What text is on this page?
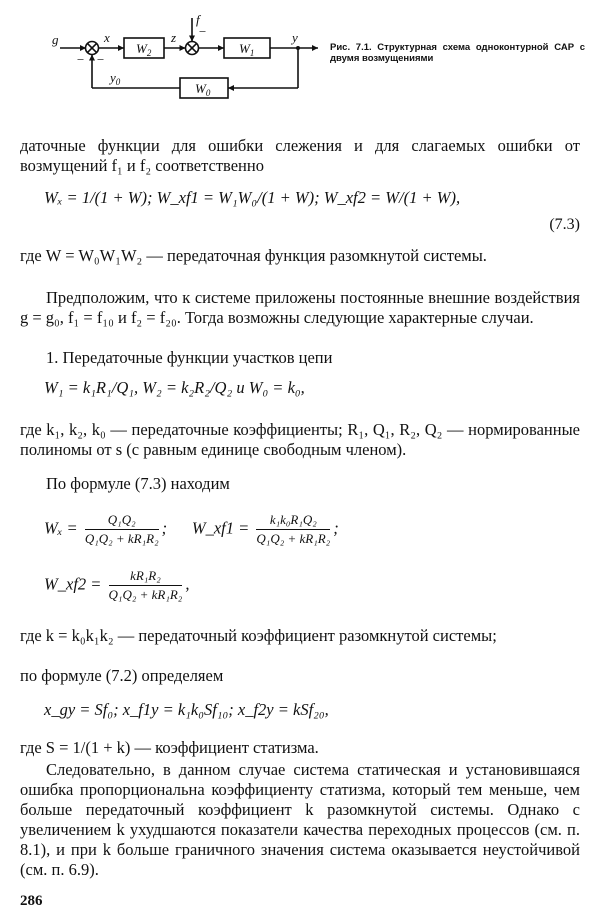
g	x	z
f
y
$y_0$
−
−
−
$W_2$	$W_1$
$W_0$
Рис. 7.1. Структурная схема одноконтурной САР с двумя возмущениями

даточные функции для ошибки слежения и для слагаемых ошибки от возмущений f₁ и f₂ соответственно

Wₓ = 1/(1 + W); W_xf1 = W₁W₀/(1 + W); W_xf2 = W/(1 + W),
(7.3)

где W = W₀W₁W₂ — передаточная функция разомкнутой системы.

Предположим, что к системе приложены постоянные внешние воздействия g = g₀, f₁ = f₁₀ и f₂ = f₂₀. Тогда возможны следующие характерные случаи.

1. Передаточные функции участков цепи

W₁ = k₁R₁/Q₁, W₂ = k₂R₂/Q₂ и W₀ = k₀,

где k₁, k₂, k₀ — передаточные коэффициенты; R₁, Q₁, R₂, Q₂ — нормированные полиномы от s (с равным единице свободным членом).

По формуле (7.3) находим

$W_x = \frac{\text{Q₁Q₂}}{\text{Q₁Q₂ + kR₁R₂}}$ ; W_xf1 = $\frac{\text{k₁k₀R₁Q₂}}{\text{Q₁Q₂ + kR₁R₂}}$ ;
W_xf2 = $\frac{\text{kR₁R₂}}{\text{Q₁Q₂ + kR₁R₂}}$ ,

где k = k₀k₁k₂ — передаточный коэффициент разомкнутой системы;

по формуле (7.2) определяем

x_gy = Sf₀; x_f1y = k₁k₀Sf₁₀; x_f2y = kSf₂₀,

где S = 1/(1 + k) — коэффициент статизма.

Следовательно, в данном случае система статическая и установившаяся ошибка пропорциональна коэффициенту статизма, который тем меньше, чем больше передаточный коэффициент k разомкнутой системы. Однако с увеличением k ухудшаются показатели качества переходных процессов (см. п. 8.1), и при k больше граничного значения система оказывается неустойчивой (см. п. 6.9).

286
